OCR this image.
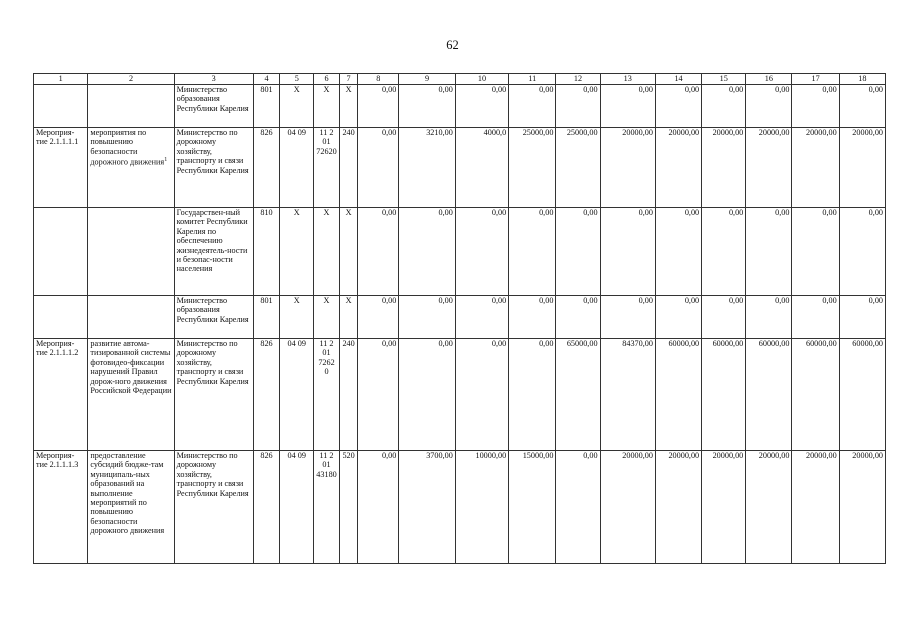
62
1	2	3	4	5	6	7	8	9	10	11	12	13	14	15	16	17	18
		Министерство образования Республики Карелия	801	Х	Х	Х	0,00	0,00	0,00	0,00	0,00	0,00	0,00	0,00	0,00	0,00	0,00
Мероприя-тие 2.1.1.1.1	мероприятия по повышению безопасности дорожного движения$^1$	Министерство по дорожному хозяйству, транспорту и связи Республики Карелия	826	04 09	11 2 01 72620	240	0,00	3210,00	4000,0	25000,00	25000,00	20000,00	20000,00	20000,00	20000,00	20000,00	20000,00
		Государствен-ный комитет Республики Карелия по обеспечению жизнедеятель-ности и безопас-ности населения	810	Х	Х	Х	0,00	0,00	0,00	0,00	0,00	0,00	0,00	0,00	0,00	0,00	0,00
		Министерство образования Республики Карелия	801	Х	Х	Х	0,00	0,00	0,00	0,00	0,00	0,00	0,00	0,00	0,00	0,00	0,00
Мероприя-тие 2.1.1.1.2	развитие автома-тизированной системы фотовидео-фиксации нарушений Правил дорож-ного движения Российской Федерации	Министерство по дорожному хозяйству, транспорту и связи Республики Карелия	826	04 09	11 2 01 7262 0	240	0,00	0,00	0,00	0,00	65000,00	84370,00	60000,00	60000,00	60000,00	60000,00	60000,00
Мероприя-тие 2.1.1.1.3	предоставление субсидий бюдже-там муниципаль-ных образований на выполнение мероприятий по повышению безопасности дорожного движения	Министерство по дорожному хозяйству, транспорту и связи Республики Карелия	826	04 09	11 2 01 43180	520	0,00	3700,00	10000,00	15000,00	0,00	20000,00	20000,00	20000,00	20000,00	20000,00	20000,00
